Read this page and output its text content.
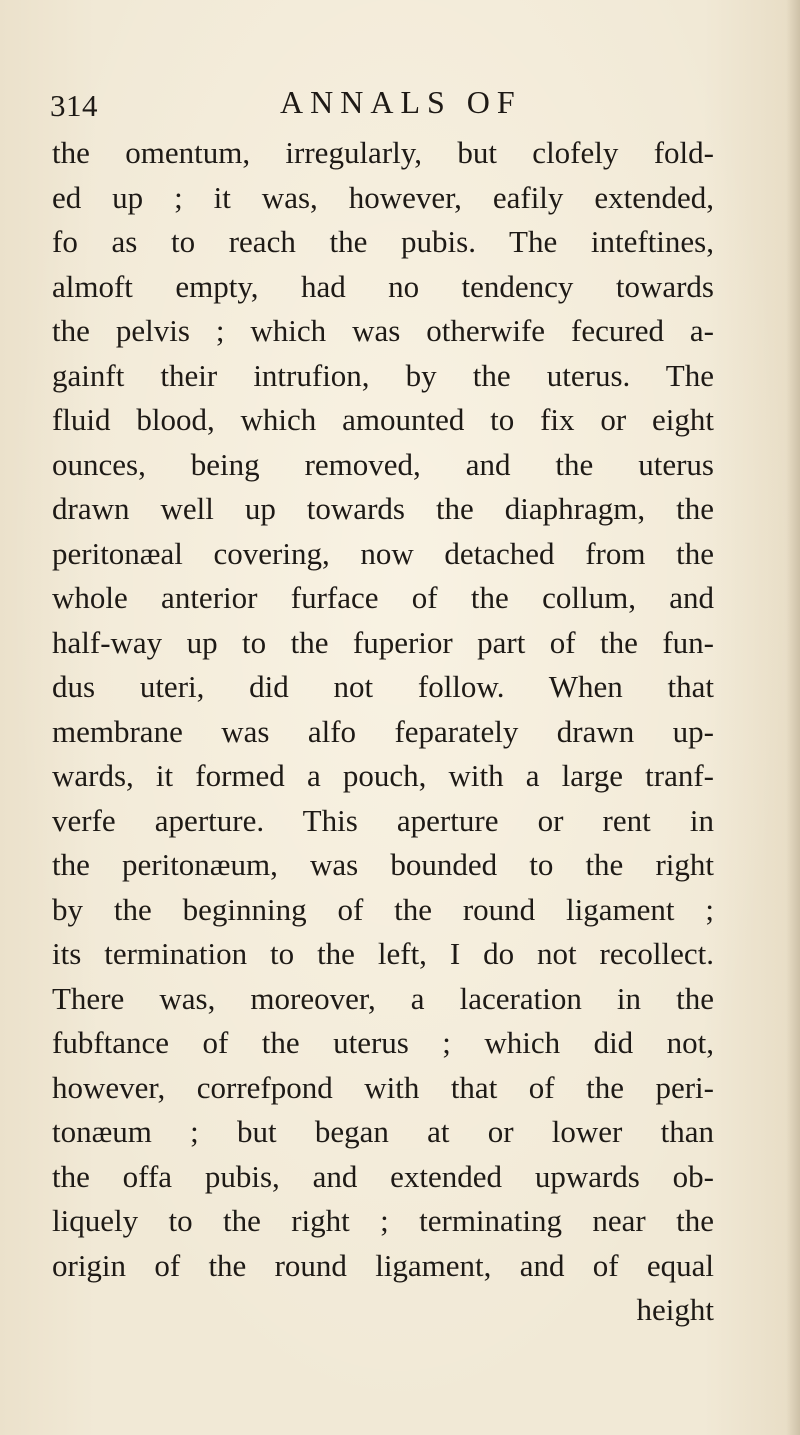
314	ANNALS OF
the omentum, irregularly, but clofely fold-
ed up ; it was, however, eafily extended,
fo as to reach the pubis. The inteftines,
almoft empty, had no tendency towards
the pelvis ; which was otherwife fecured a-
gainft their intrufion, by the uterus. The
fluid blood, which amounted to fix or eight
ounces, being removed, and the uterus
drawn well up towards the diaphragm, the
peritonæal covering, now detached from the
whole anterior furface of the collum, and
half-way up to the fuperior part of the fun-
dus uteri, did not follow. When that
membrane was alfo feparately drawn up-
wards, it formed a pouch, with a large tranf-
verfe aperture. This aperture or rent in
the peritonæum, was bounded to the right
by the beginning of the round ligament ;
its termination to the left, I do not recollect.
There was, moreover, a laceration in the
fubftance of the uterus ; which did not,
however, correfpond with that of the peri-
tonæum ; but began at or lower than
the offa pubis, and extended upwards ob-
liquely to the right ; terminating near the
origin of the round ligament, and of equal
height
